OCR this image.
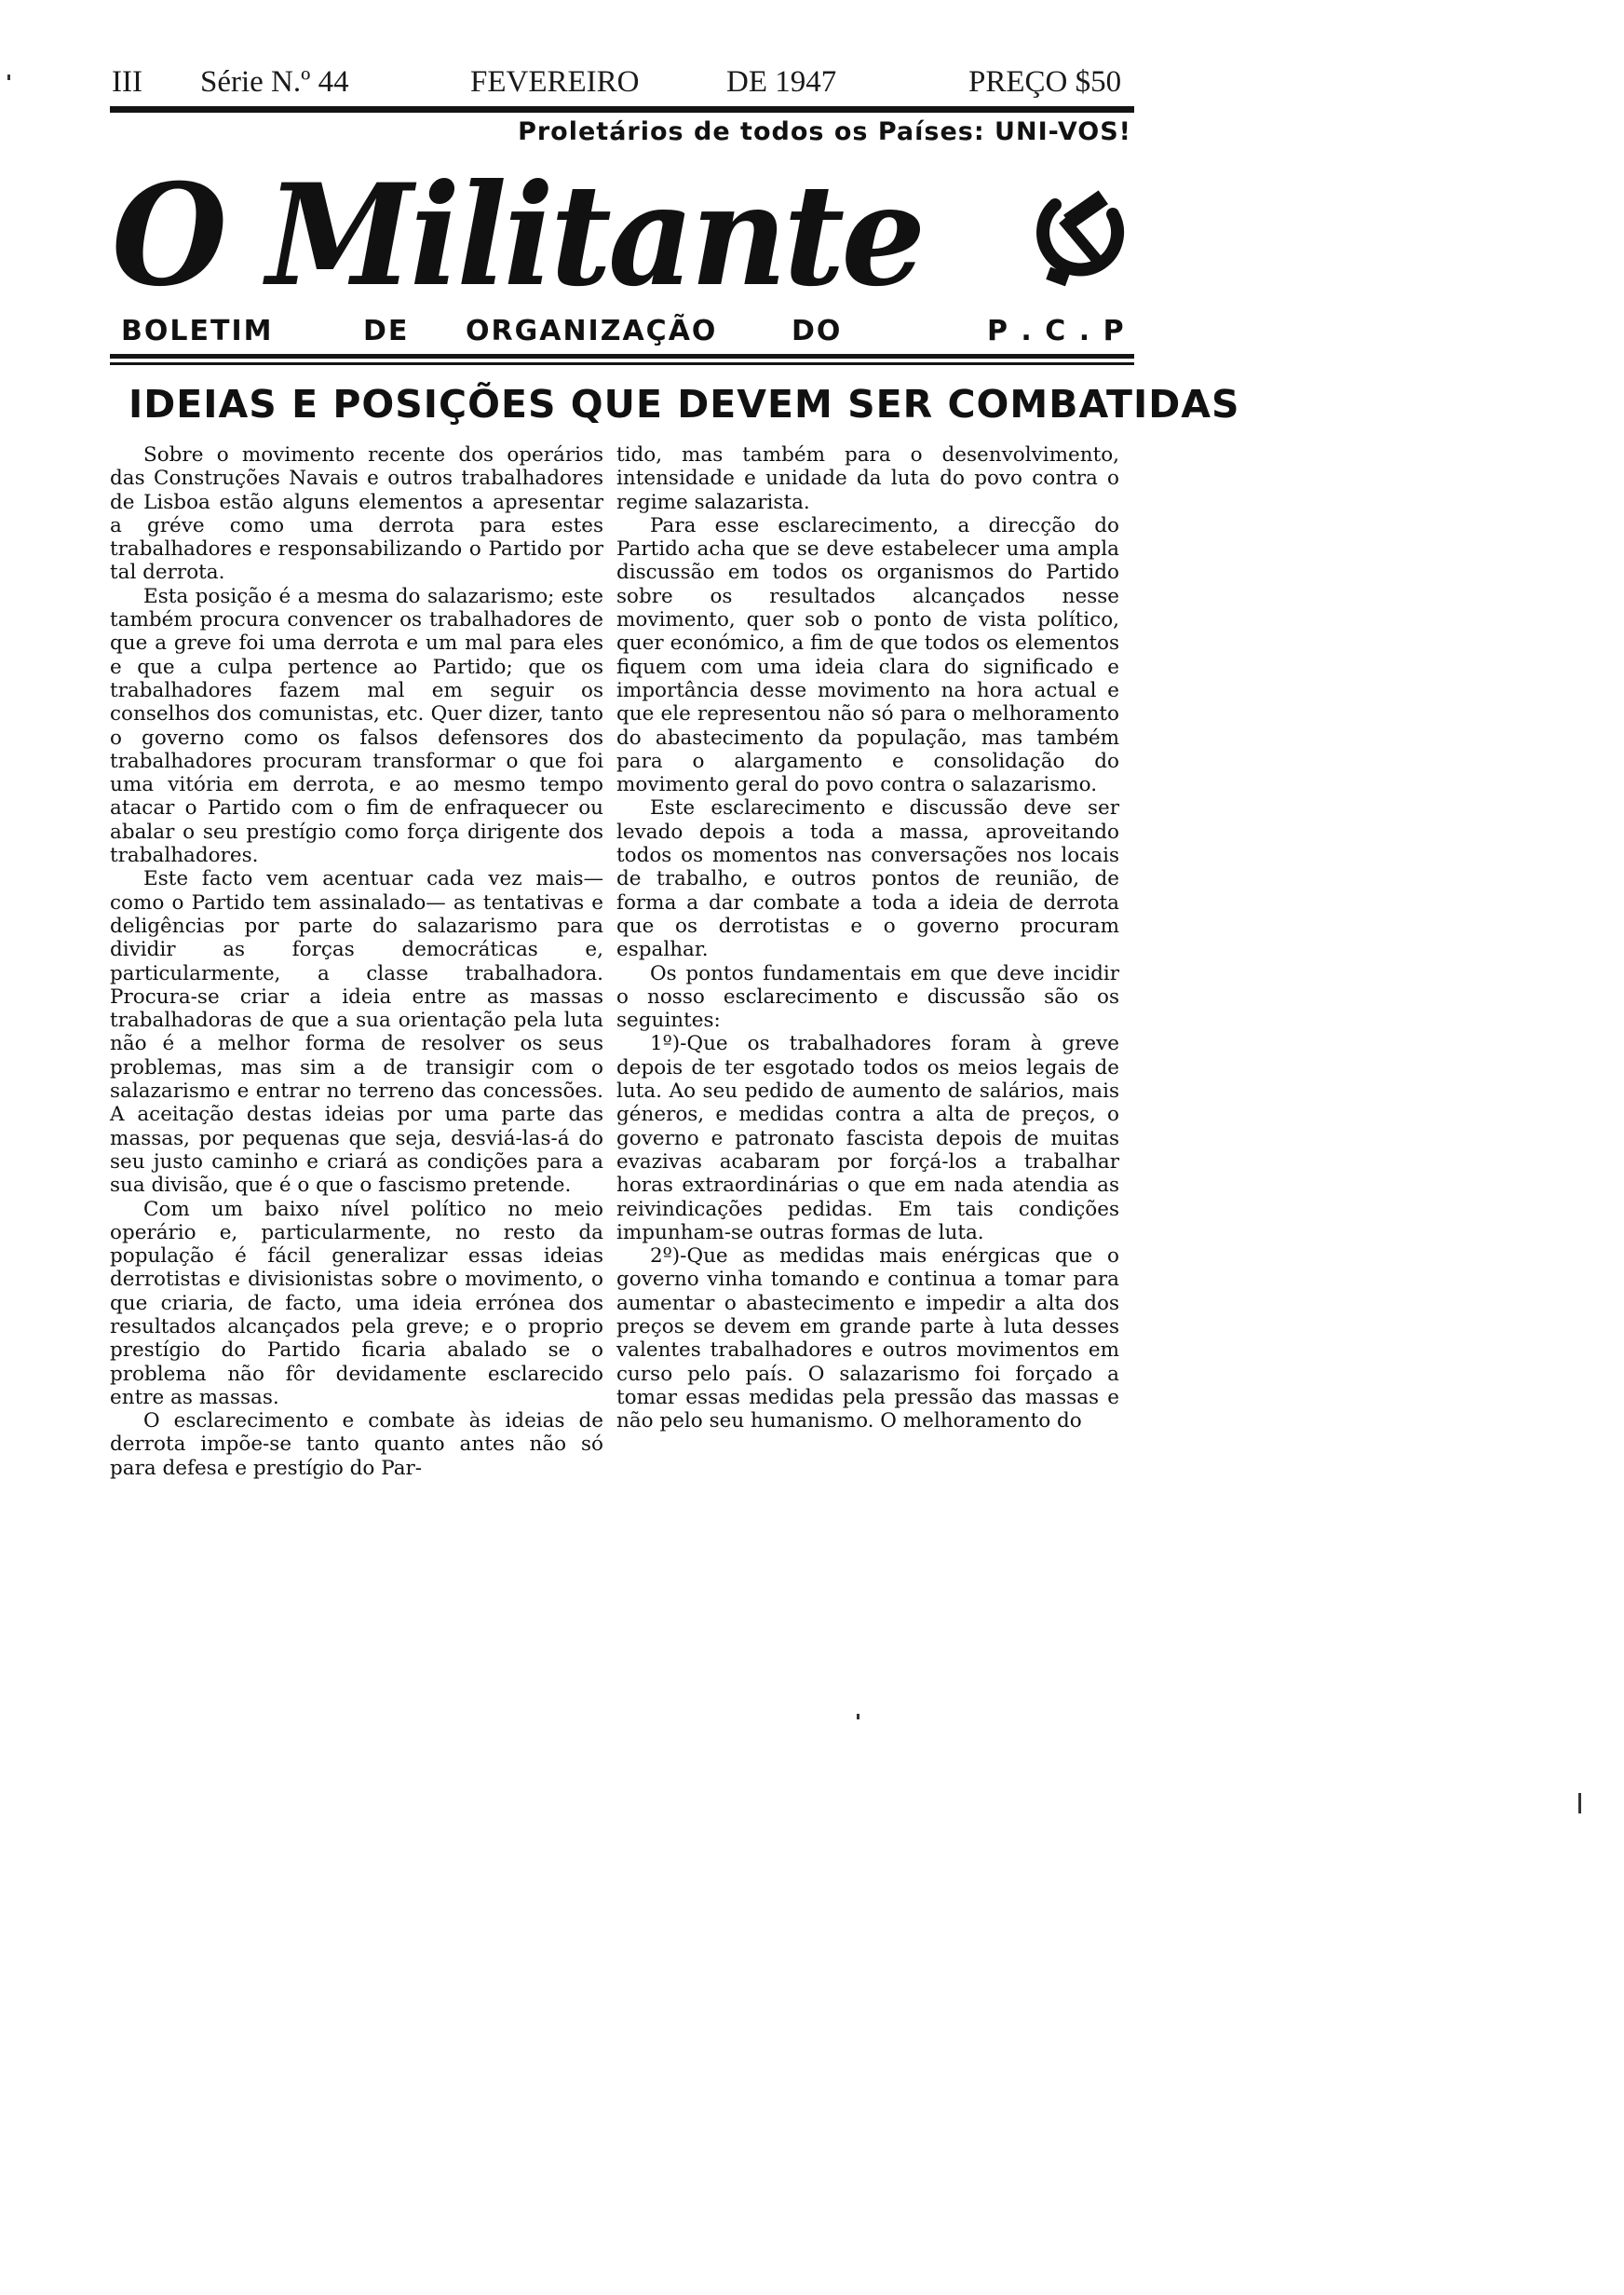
III Série N.º 44	FEVEREIRO	DE 1947	PREÇO $50
Proletários de todos os Países: UNI-VOS!
O Militante
BOLETIM	DE ORGANIZAÇÃO	DO	P . C . P
IDEIAS E POSIÇÕES QUE DEVEM SER COMBATIDAS

Sobre o movimento recente dos operários das Construções Navais e outros trabalhadores de Lisboa estão alguns elementos a apresentar a gréve como uma derrota para estes trabalhadores e responsabilizando o Partido por tal derrota.

Esta posição é a mesma do salazarismo; este também procura convencer os trabalhadores de que a greve foi uma derrota e um mal para eles e que a culpa pertence ao Partido; que os trabalhadores fazem mal em seguir os conselhos dos comunistas, etc. Quer dizer, tanto o governo como os falsos defensores dos trabalhadores procuram transformar o que foi uma vitória em derrota, e ao mesmo tempo atacar o Partido com o fim de enfraquecer ou abalar o seu prestígio como força dirigente dos trabalhadores.

Este facto vem acentuar cada vez mais—como o Partido tem assinalado— as tentativas e deligências por parte do salazarismo para dividir as forças democráticas e, particularmente, a classe trabalhadora. Procura-se criar a ideia entre as massas trabalhadoras de que a sua orientação pela luta não é a melhor forma de resolver os seus problemas, mas sim a de transigir com o salazarismo e entrar no terreno das concessões. A aceitação destas ideias por uma parte das massas, por pequenas que seja, desviá-las-á do seu justo caminho e criará as condições para a sua divisão, que é o que o fascismo pretende.

Com um baixo nível político no meio operário e, particularmente, no resto da população é fácil generalizar essas ideias derrotistas e divisionistas sobre o movimento, o que criaria, de facto, uma ideia errónea dos resultados alcançados pela greve; e o proprio prestígio do Partido ficaria abalado se o problema não fôr devidamente esclarecido entre as massas.

O esclarecimento e combate às ideias de derrota impõe-se tanto quanto antes não só para defesa e prestígio do Par-

tido, mas também para o desenvolvimento, intensidade e unidade da luta do povo contra o regime salazarista.

Para esse esclarecimento, a direcção do Partido acha que se deve estabelecer uma ampla discussão em todos os organismos do Partido sobre os resultados alcançados nesse movimento, quer sob o ponto de vista político, quer económico, a fim de que todos os elementos fiquem com uma ideia clara do significado e importância desse movimento na hora actual e que ele representou não só para o melhoramento do abastecimento da população, mas também para o alargamento e consolidação do movimento geral do povo contra o salazarismo.

Este esclarecimento e discussão deve ser levado depois a toda a massa, aproveitando todos os momentos nas conversações nos locais de trabalho, e outros pontos de reunião, de forma a dar combate a toda a ideia de derrota que os derrotistas e o governo procuram espalhar.

Os pontos fundamentais em que deve incidir o nosso esclarecimento e discussão são os seguintes:

1º)-Que os trabalhadores foram à greve depois de ter esgotado todos os meios legais de luta. Ao seu pedido de aumento de salários, mais géneros, e medidas contra a alta de preços, o governo e patronato fascista depois de muitas evazivas acabaram por forçá-los a trabalhar horas extraordinárias o que em nada atendia as reivindicações pedidas. Em tais condições impunham-se outras formas de luta.

2º)-Que as medidas mais enérgicas que o governo vinha tomando e continua a tomar para aumentar o abastecimento e impedir a alta dos preços se devem em grande parte à luta desses valentes trabalhadores e outros movimentos em curso pelo país. O salazarismo foi forçado a tomar essas medidas pela pressão das massas e não pelo seu humanismo. O melhoramento do
